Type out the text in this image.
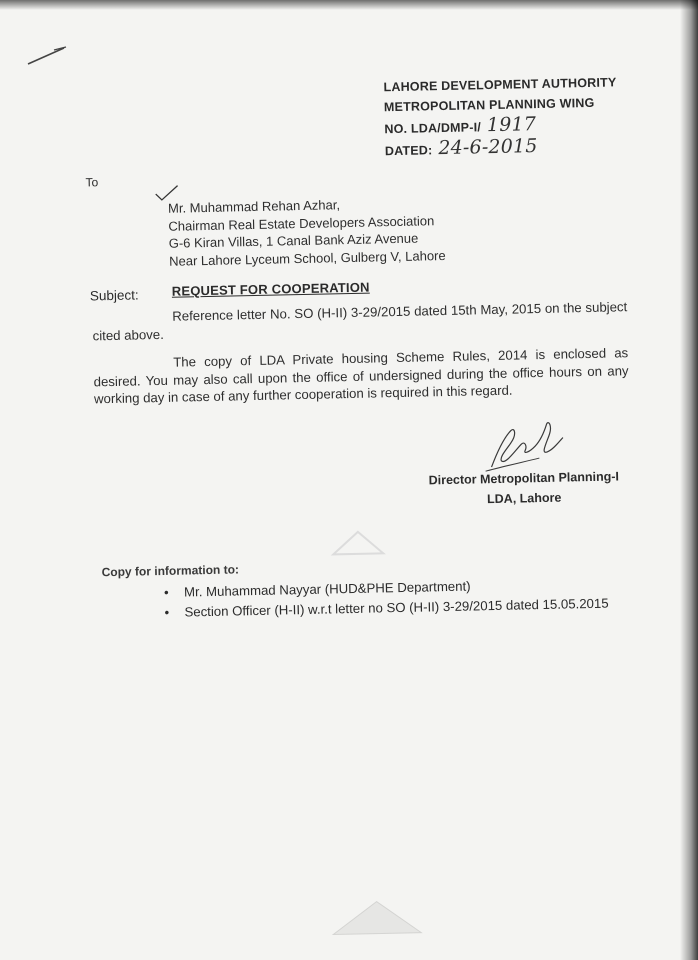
LAHORE DEVELOPMENT AUTHORITY
METROPOLITAN PLANNING WING
NO. LDA/DMP-I/ 1917
DATED: 24-6-2015
To
Mr. Muhammad Rehan Azhar,
Chairman Real Estate Developers Association
G-6 Kiran Villas, 1 Canal Bank Aziz Avenue
Near Lahore Lyceum School, Gulberg V, Lahore
Subject:	REQUEST FOR COOPERATION
Reference letter No. SO (H-II) 3-29/2015 dated 15th May, 2015 on the subject cited above.
The copy of LDA Private housing Scheme Rules, 2014 is enclosed as desired. You may also call upon the office of undersigned during the office hours on any working day in case of any further cooperation is required in this regard.
Director Metropolitan Planning-I
LDA, Lahore
Copy for information to:
• Mr. Muhammad Nayyar (HUD&PHE Department)
• Section Officer (H-II) w.r.t letter no SO (H-II) 3-29/2015 dated 15.05.2015
